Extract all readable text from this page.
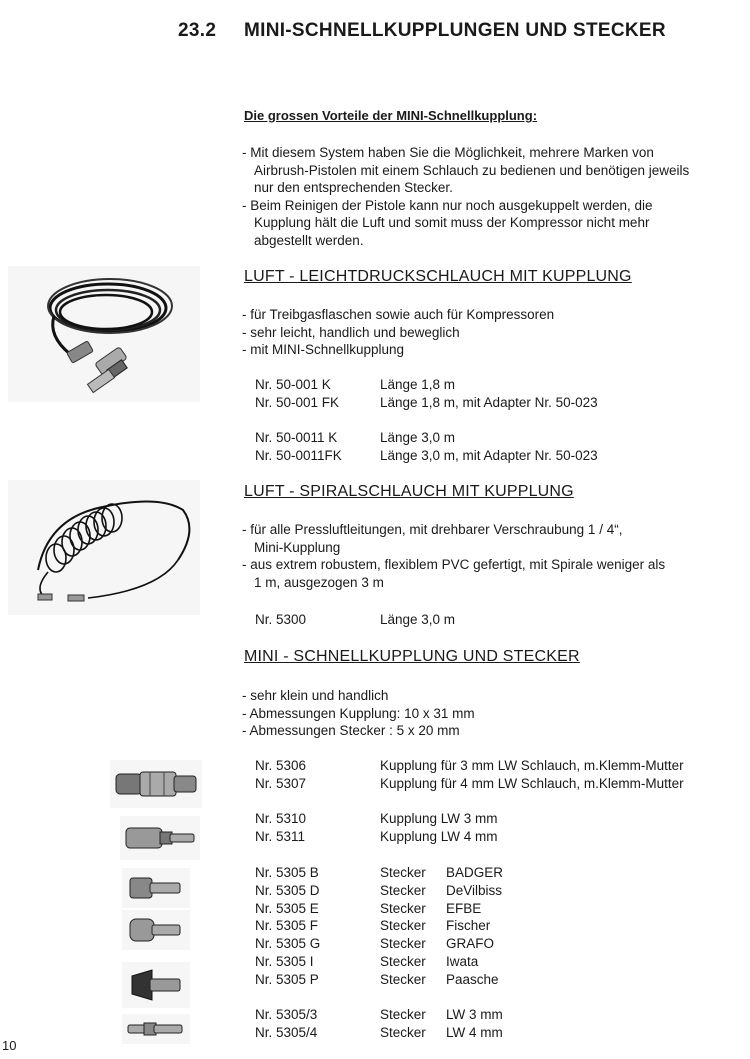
23.2 MINI-SCHNELLKUPPLUNGEN UND STECKER
Die grossen Vorteile der MINI-Schnellkupplung:
- Mit diesem System haben Sie die Möglichkeit, mehrere Marken von
Airbrush-Pistolen mit einem Schlauch zu bedienen und benötigen jeweils
nur den entsprechenden Stecker.
- Beim Reinigen der Pistole kann nur noch ausgekuppelt werden, die
Kupplung hält die Luft und somit muss der Kompressor nicht mehr
abgestellt werden.
LUFT - LEICHTDRUCKSCHLAUCH MIT KUPPLUNG
- für Treibgasflaschen sowie auch für Kompressoren
- sehr leicht, handlich und beweglich
- mit MINI-Schnellkupplung
Nr. 50-001 K
Nr. 50-001 FK
Nr. 50-0011 K
Nr. 50-0011FK
Länge 1,8 m
Länge 1,8 m, mit Adapter Nr. 50-023
Länge 3,0 m
Länge 3,0 m, mit Adapter Nr. 50-023
LUFT - SPIRALSCHLAUCH MIT KUPPLUNG
- für alle Pressluftleitungen, mit drehbarer Verschraubung 1 / 4“,
Mini-Kupplung
- aus extrem robustem, flexiblem PVC gefertigt, mit Spirale weniger als
1 m, ausgezogen 3 m
Nr. 5300	Länge 3,0 m
MINI - SCHNELLKUPPLUNG UND STECKER
- sehr klein und handlich
- Abmessungen Kupplung: 10 x 31 mm
- Abmessungen Stecker : 5 x 20 mm
Nr. 5306
Nr. 5307
Nr. 5310
Nr. 5311
Kupplung für 3 mm LW Schlauch, m.Klemm-Mutter
Kupplung für 4 mm LW Schlauch, m.Klemm-Mutter
Kupplung LW 3 mm
Kupplung LW 4 mm
Nr. 5305 B
Nr. 5305 D
Nr. 5305 E
Nr. 5305 F
Nr. 5305 G
Nr. 5305 I
Nr. 5305 P
Nr. 5305/3
Nr. 5305/4
Stecker
Stecker
Stecker
Stecker
Stecker
Stecker
Stecker
Stecker
Stecker
BADGER
DeVilbiss
EFBE
Fischer
GRAFO
Iwata
Paasche
LW 3 mm
LW 4 mm
10
